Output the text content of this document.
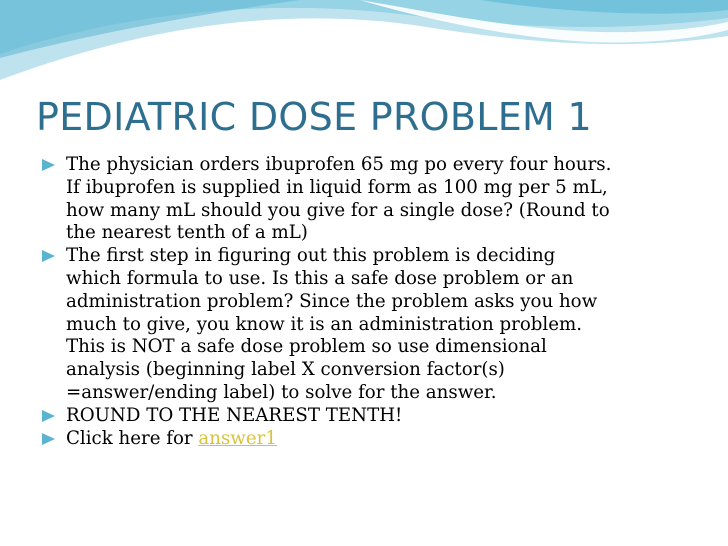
PEDIATRIC DOSE PROBLEM 1
The physician orders ibuprofen 65 mg po every four hours.
If ibuprofen is supplied in liquid form as 100 mg per 5 mL,
how many mL should you give for a single dose? (Round to
the nearest tenth of a mL)
The first step in figuring out this problem is deciding
which formula to use. Is this a safe dose problem or an
administration problem? Since the problem asks you how
much to give, you know it is an administration problem.
This is NOT a safe dose problem so use dimensional
analysis (beginning label X conversion factor(s)
=answer/ending label) to solve for the answer.
ROUND TO THE NEAREST TENTH!
Click here for answer1
